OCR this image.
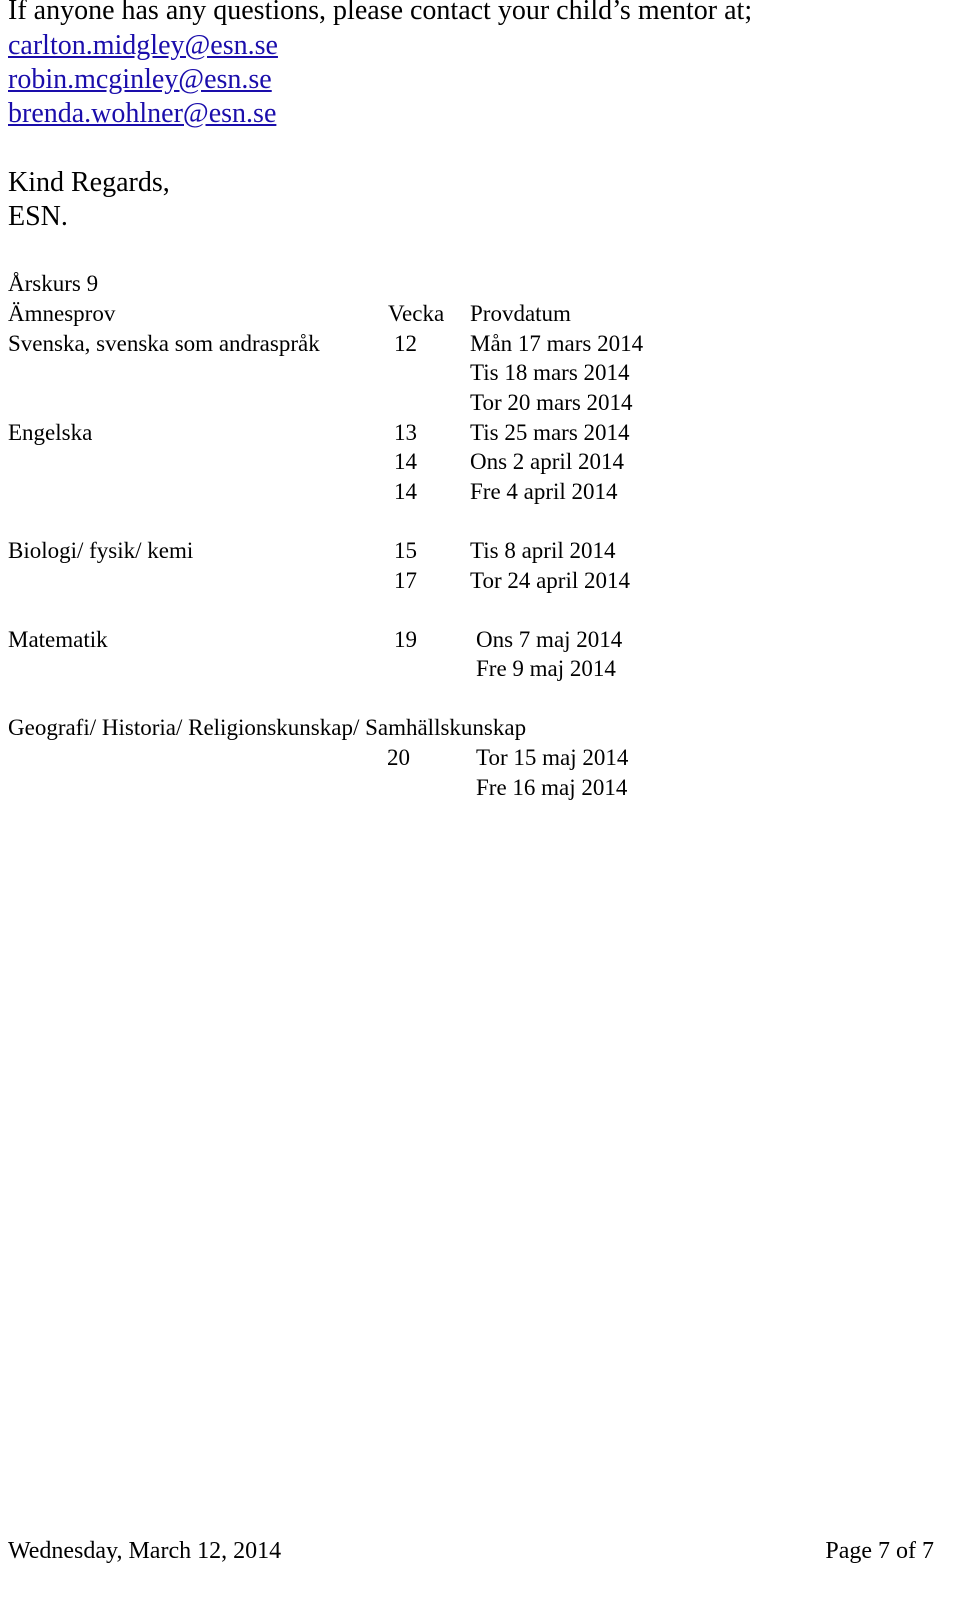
If anyone has any questions, please contact your child’s mentor at;
carlton.midgley@esn.se
robin.mcginley@esn.se
brenda.wohlner@esn.se
Kind Regards,
ESN.
Årskurs 9
Ämnesprov	Vecka Provdatum
Svenska, svenska som andraspråk	12 Mån 17 mars 2014
Tis 18 mars 2014
Tor 20 mars 2014
Engelska	13 Tis 25 mars 2014
14 Ons 2 april 2014
14 Fre 4 april 2014
Biologi/ fysik/ kemi	15 Tis 8 april 2014
17 Tor 24 april 2014
Matematik	19	Ons 7 maj 2014
Fre 9 maj 2014
Geografi/ Historia/ Religionskunskap/ Samhällskunskap
20	Tor 15 maj 2014
Fre 16 maj 2014
Wednesday, March 12, 2014	Page 7 of 7
